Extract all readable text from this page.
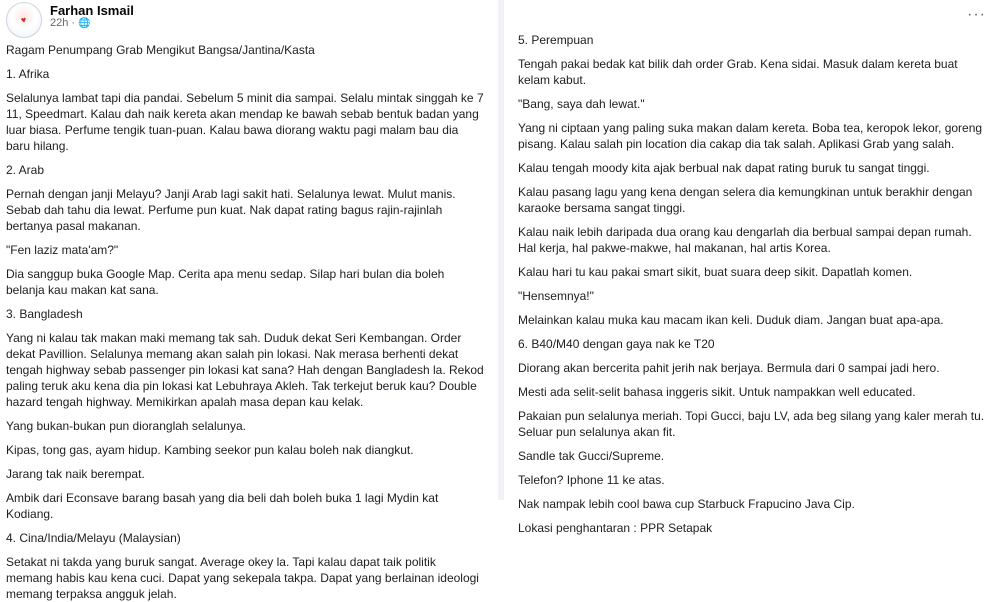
♥
Farhan Ismail
22h · 🌐

Ragam Penumpang Grab Mengikut Bangsa/Jantina/Kasta

1. Afrika

Selalunya lambat tapi dia pandai. Sebelum 5 minit dia sampai. Selalu mintak singgah ke 7 11, Speedmart. Kalau dah naik kereta akan mendap ke bawah sebab bentuk badan yang luar biasa. Perfume tengik tuan-puan. Kalau bawa diorang waktu pagi malam bau dia baru hilang.

2. Arab

Pernah dengan janji Melayu? Janji Arab lagi sakit hati. Selalunya lewat. Mulut manis. Sebab dah tahu dia lewat. Perfume pun kuat. Nak dapat rating bagus rajin-rajinlah bertanya pasal makanan.

"Fen laziz mata'am?"

Dia sanggup buka Google Map. Cerita apa menu sedap. Silap hari bulan dia boleh belanja kau makan kat sana.

3. Bangladesh

Yang ni kalau tak makan maki memang tak sah. Duduk dekat Seri Kembangan. Order dekat Pavillion. Selalunya memang akan salah pin lokasi. Nak merasa berhenti dekat tengah highway sebab passenger pin lokasi kat sana? Hah dengan Bangladesh la. Rekod paling teruk aku kena dia pin lokasi kat Lebuhraya Akleh. Tak terkejut beruk kau? Double hazard tengah highway. Memikirkan apalah masa depan kau kelak.

Yang bukan-bukan pun dioranglah selalunya.

Kipas, tong gas, ayam hidup. Kambing seekor pun kalau boleh nak diangkut.

Jarang tak naik berempat.

Ambik dari Econsave barang basah yang dia beli dah boleh buka 1 lagi Mydin kat Kodiang.

4. Cina/India/Melayu (Malaysian)

Setakat ni takda yang buruk sangat. Average okey la. Tapi kalau dapat taik politik memang habis kau kena cuci. Dapat yang sekepala takpa. Dapat yang berlainan ideologi memang terpaksa angguk jelah.

···

5. Perempuan

Tengah pakai bedak kat bilik dah order Grab. Kena sidai. Masuk dalam kereta buat kelam kabut.

"Bang, saya dah lewat."

Yang ni ciptaan yang paling suka makan dalam kereta. Boba tea, keropok lekor, goreng pisang. Kalau salah pin location dia cakap dia tak salah. Aplikasi Grab yang salah.

Kalau tengah moody kita ajak berbual nak dapat rating buruk tu sangat tinggi.

Kalau pasang lagu yang kena dengan selera dia kemungkinan untuk berakhir dengan karaoke bersama sangat tinggi.

Kalau naik lebih daripada dua orang kau dengarlah dia berbual sampai depan rumah. Hal kerja, hal pakwe-makwe, hal makanan, hal artis Korea.

Kalau hari tu kau pakai smart sikit, buat suara deep sikit. Dapatlah komen.

"Hensemnya!"

Melainkan kalau muka kau macam ikan keli. Duduk diam. Jangan buat apa-apa.

6. B40/M40 dengan gaya nak ke T20

Diorang akan bercerita pahit jerih nak berjaya. Bermula dari 0 sampai jadi hero.

Mesti ada selit-selit bahasa inggeris sikit. Untuk nampakkan well educated.

Pakaian pun selalunya meriah. Topi Gucci, baju LV, ada beg silang yang kaler merah tu. Seluar pun selalunya akan fit.

Sandle tak Gucci/Supreme.

Telefon? Iphone 11 ke atas.

Nak nampak lebih cool bawa cup Starbuck Frapucino Java Cip.

Lokasi penghantaran : PPR Setapak
